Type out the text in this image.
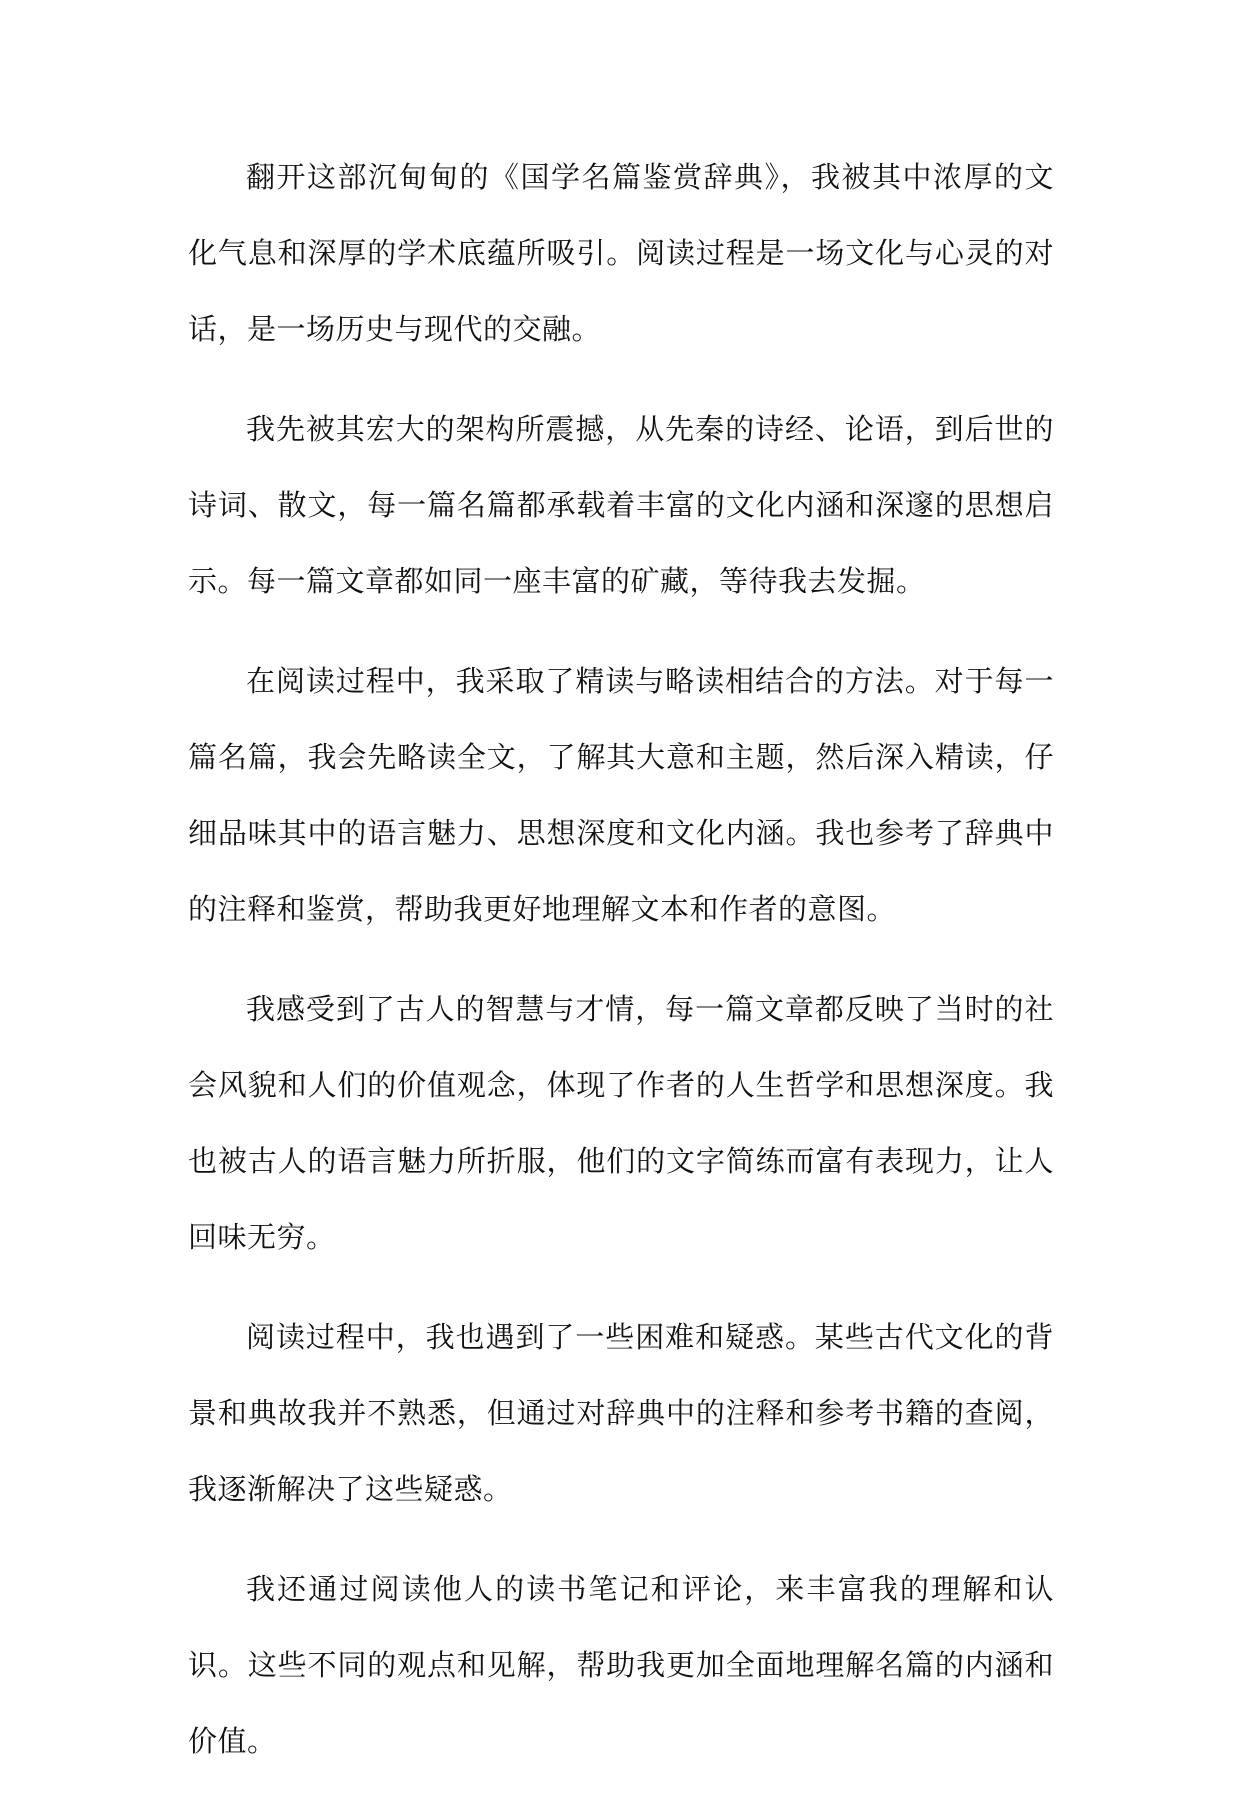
翻开这部沉甸甸的《国学名篇鉴赏辞典》，我被其中浓厚的文化气息和深厚的学术底蕴所吸引。阅读过程是一场文化与心灵的对话，是一场历史与现代的交融。

我先被其宏大的架构所震撼，从先秦的诗经、论语，到后世的诗词、散文，每一篇名篇都承载着丰富的文化内涵和深邃的思想启示。每一篇文章都如同一座丰富的矿藏，等待我去发掘。

在阅读过程中，我采取了精读与略读相结合的方法。对于每一篇名篇，我会先略读全文，了解其大意和主题，然后深入精读，仔细品味其中的语言魅力、思想深度和文化内涵。我也参考了辞典中的注释和鉴赏，帮助我更好地理解文本和作者的意图。

我感受到了古人的智慧与才情，每一篇文章都反映了当时的社会风貌和人们的价值观念，体现了作者的人生哲学和思想深度。我也被古人的语言魅力所折服，他们的文字简练而富有表现力，让人回味无穷。

阅读过程中，我也遇到了一些困难和疑惑。某些古代文化的背景和典故我并不熟悉，但通过对辞典中的注释和参考书籍的查阅，我逐渐解决了这些疑惑。

我还通过阅读他人的读书笔记和评论，来丰富我的理解和认识。这些不同的观点和见解，帮助我更加全面地理解名篇的内涵和价值。
